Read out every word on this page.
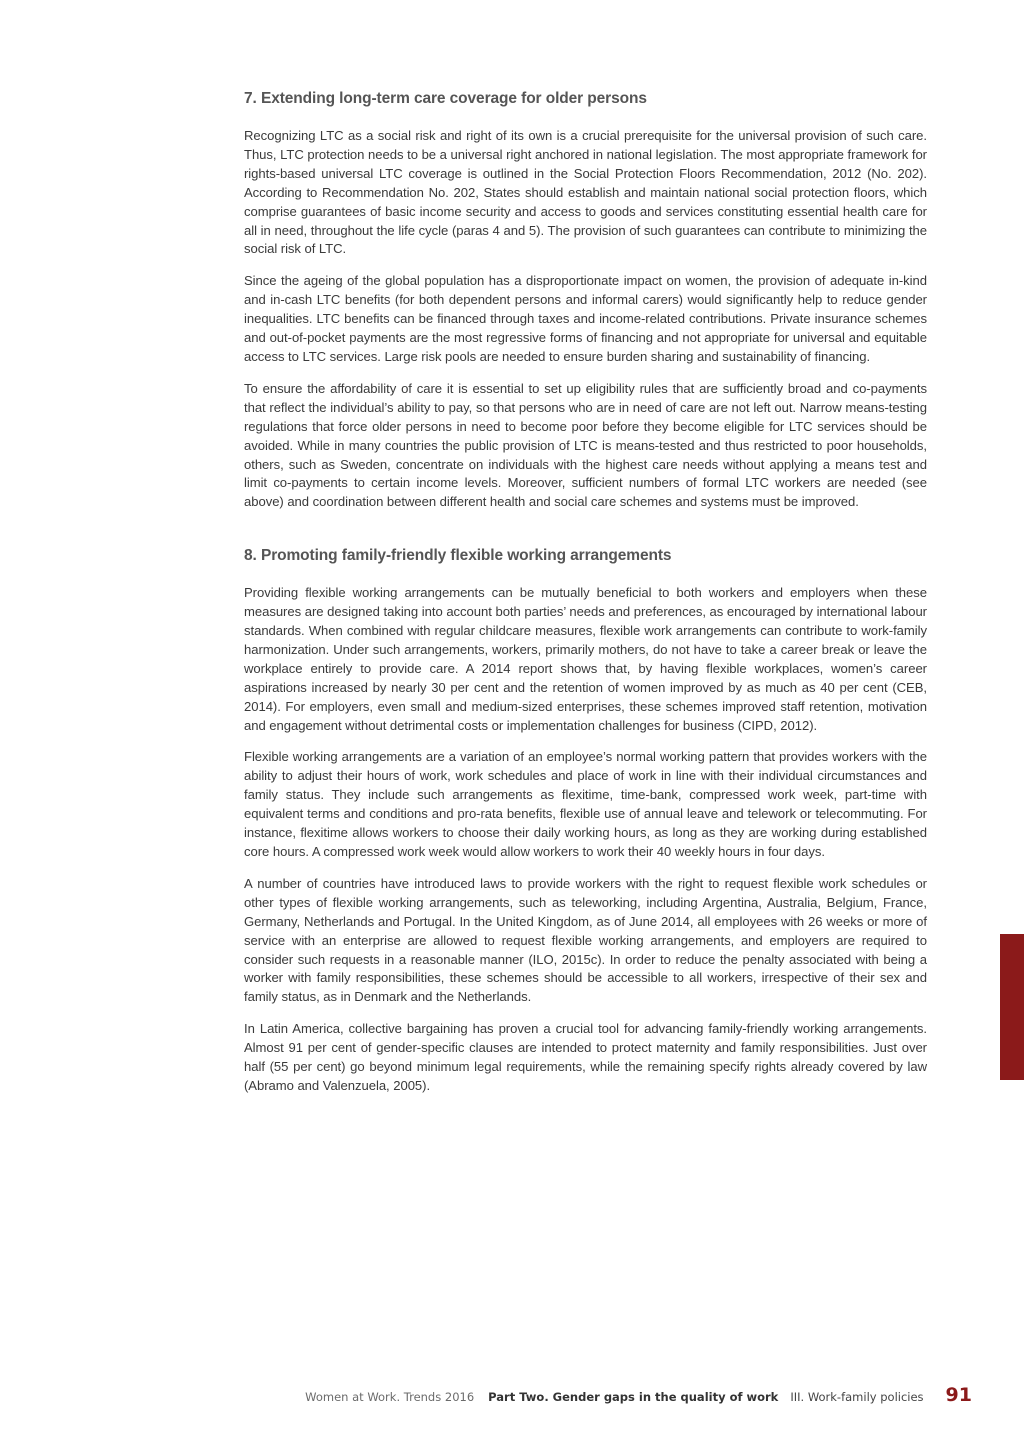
7. Extending long-term care coverage for older persons

Recognizing LTC as a social risk and right of its own is a crucial prerequisite for the universal provision of such care. Thus, LTC protection needs to be a universal right anchored in national legislation. The most appropriate framework for rights-based universal LTC coverage is outlined in the Social Protection Floors Recommendation, 2012 (No. 202). According to Recommendation No. 202, States should establish and maintain national social protection floors, which comprise guarantees of basic income security and access to goods and services constituting essential health care for all in need, throughout the life cycle (paras 4 and 5). The provision of such guarantees can contribute to minimizing the social risk of LTC.

Since the ageing of the global population has a disproportionate impact on women, the provision of adequate in-kind and in-cash LTC benefits (for both dependent persons and informal carers) would significantly help to reduce gender inequalities. LTC benefits can be financed through taxes and income-related contributions. Private insurance schemes and out-of-pocket payments are the most regressive forms of financing and not appropriate for universal and equitable access to LTC services. Large risk pools are needed to ensure burden sharing and sustainability of financing.

To ensure the affordability of care it is essential to set up eligibility rules that are sufficiently broad and co-payments that reflect the individual’s ability to pay, so that persons who are in need of care are not left out. Narrow means-testing regulations that force older persons in need to become poor before they become eligible for LTC services should be avoided. While in many countries the public provision of LTC is means-tested and thus restricted to poor households, others, such as Sweden, concentrate on individuals with the highest care needs without applying a means test and limit co-payments to certain income levels. Moreover, sufficient numbers of formal LTC workers are needed (see above) and coordination between different health and social care schemes and systems must be improved.

8. Promoting family-friendly flexible working arrangements

Providing flexible working arrangements can be mutually beneficial to both workers and employers when these measures are designed taking into account both parties’ needs and preferences, as encouraged by international labour standards. When combined with regular childcare measures, flexible work arrangements can contribute to work-family harmonization. Under such arrangements, workers, primarily mothers, do not have to take a career break or leave the workplace entirely to provide care. A 2014 report shows that, by having flexible workplaces, women’s career aspirations increased by nearly 30 per cent and the retention of women improved by as much as 40 per cent (CEB, 2014). For employers, even small and medium-sized enterprises, these schemes improved staff retention, motivation and engagement without detrimental costs or implementation challenges for business (CIPD, 2012).

Flexible working arrangements are a variation of an employee’s normal working pattern that provides workers with the ability to adjust their hours of work, work schedules and place of work in line with their individual circumstances and family status. They include such arrangements as flexitime, time-bank, compressed work week, part-time with equivalent terms and conditions and pro-rata benefits, flexible use of annual leave and telework or telecommuting. For instance, flexitime allows workers to choose their daily working hours, as long as they are working during established core hours. A compressed work week would allow workers to work their 40 weekly hours in four days.

A number of countries have introduced laws to provide workers with the right to request flexible work schedules or other types of flexible working arrangements, such as teleworking, including Argentina, Australia, Belgium, France, Germany, Netherlands and Portugal. In the United Kingdom, as of June 2014, all employees with 26 weeks or more of service with an enterprise are allowed to request flexible working arrangements, and employers are required to consider such requests in a reasonable manner (ILO, 2015c). In order to reduce the penalty associated with being a worker with family responsibilities, these schemes should be accessible to all workers, irrespective of their sex and family status, as in Denmark and the Netherlands.

In Latin America, collective bargaining has proven a crucial tool for advancing family-friendly working arrangements. Almost 91 per cent of gender-specific clauses are intended to protect maternity and family responsibilities. Just over half (55 per cent) go beyond minimum legal requirements, while the remaining specify rights already covered by law (Abramo and Valenzuela, 2005).

Women at Work. Trends 2016 Part Two. Gender gaps in the quality of work III. Work-family policies 91
